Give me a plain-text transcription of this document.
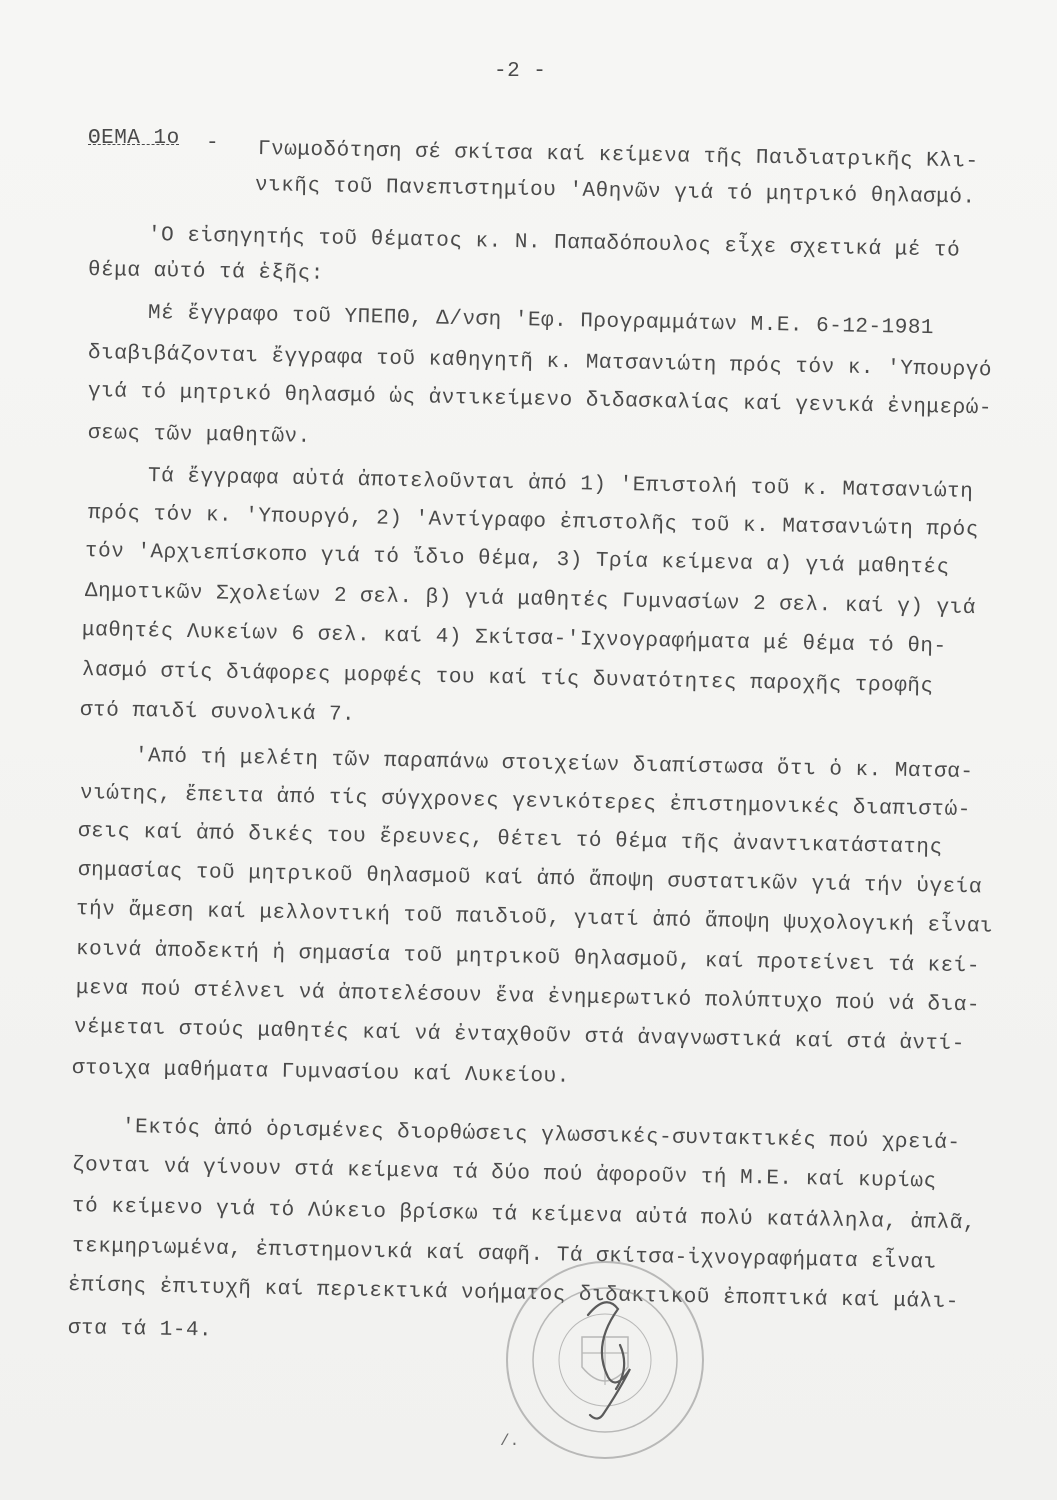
-2 -
ΘΕΜΑ 1ο - Γνωμοδότηση σέ σκίτσα καί κείμενα τῆς Παιδιατρικῆς Κλι-
νικῆς τοῦ Πανεπιστημίου 'Αθηνῶν γιά τό μητρικό θηλασμό.
'Ο εἰσηγητής τοῦ θέματος κ. Ν. Παπαδόπουλος εἶχε σχετικά μέ τό
θέμα αὐτό τά ἑξῆς:
Μέ ἔγγραφο τοῦ ΥΠΕΠΘ, Δ/νση 'Εφ. Προγραμμάτων Μ.Ε. 6-12-1981
διαβιβάζονται ἔγγραφα τοῦ καθηγητῆ κ. Ματσανιώτη πρός τόν κ. 'Υπουργό
γιά τό μητρικό θηλασμό ὡς ἀντικείμενο διδασκαλίας καί γενικά ἐνημερώ-
σεως τῶν μαθητῶν.
Τά ἔγγραφα αὐτά ἀποτελοῦνται ἀπό 1) 'Επιστολή τοῦ κ. Ματσανιώτη
πρός τόν κ. 'Υπουργό, 2) 'Αντίγραφο ἐπιστολῆς τοῦ κ. Ματσανιώτη πρός
τόν 'Αρχιεπίσκοπο γιά τό ἴδιο θέμα, 3) Τρία κείμενα α) γιά μαθητές
Δημοτικῶν Σχολείων 2 σελ. β) γιά μαθητές Γυμνασίων 2 σελ. καί γ) γιά
μαθητές Λυκείων 6 σελ. καί 4) Σκίτσα-'Ιχνογραφήματα μέ θέμα τό θη-
λασμό στίς διάφορες μορφές του καί τίς δυνατότητες παροχῆς τροφῆς
στό παιδί συνολικά 7.
'Από τή μελέτη τῶν παραπάνω στοιχείων διαπίστωσα ὅτι ὁ κ. Ματσα-
νιώτης, ἔπειτα ἀπό τίς σύγχρονες γενικότερες ἐπιστημονικές διαπιστώ-
σεις καί ἀπό δικές του ἔρευνες, θέτει τό θέμα τῆς ἀναντικατάστατης
σημασίας τοῦ μητρικοῦ θηλασμοῦ καί ἀπό ἄποψη συστατικῶν γιά τήν ὑγεία
τήν ἄμεση καί μελλοντική τοῦ παιδιοῦ, γιατί ἀπό ἄποψη ψυχολογική εἶναι
κοινά ἀποδεκτή ἡ σημασία τοῦ μητρικοῦ θηλασμοῦ, καί προτείνει τά κεί-
μενα πού στέλνει νά ἀποτελέσουν ἕνα ἐνημερωτικό πολύπτυχο πού νά δια-
νέμεται στούς μαθητές καί νά ἐνταχθοῦν στά ἀναγνωστικά καί στά ἀντί-
στοιχα μαθήματα Γυμνασίου καί Λυκείου.
'Εκτός ἀπό ὁρισμένες διορθώσεις γλωσσικές-συντακτικές πού χρειά-
ζονται νά γίνουν στά κείμενα τά δύο πού ἀφοροῦν τή Μ.Ε. καί κυρίως
τό κείμενο γιά τό Λύκειο βρίσκω τά κείμενα αὐτά πολύ κατάλληλα, ἀπλᾶ,
τεκμηριωμένα, ἐπιστημονικά καί σαφῆ. Τά σκίτσα-ἰχνογραφήματα εἶναι
ἐπίσης ἐπιτυχῆ καί περιεκτικά νοήματος διδακτικοῦ ἐποπτικά καί μάλι-
στα τά 1-4.
/.
